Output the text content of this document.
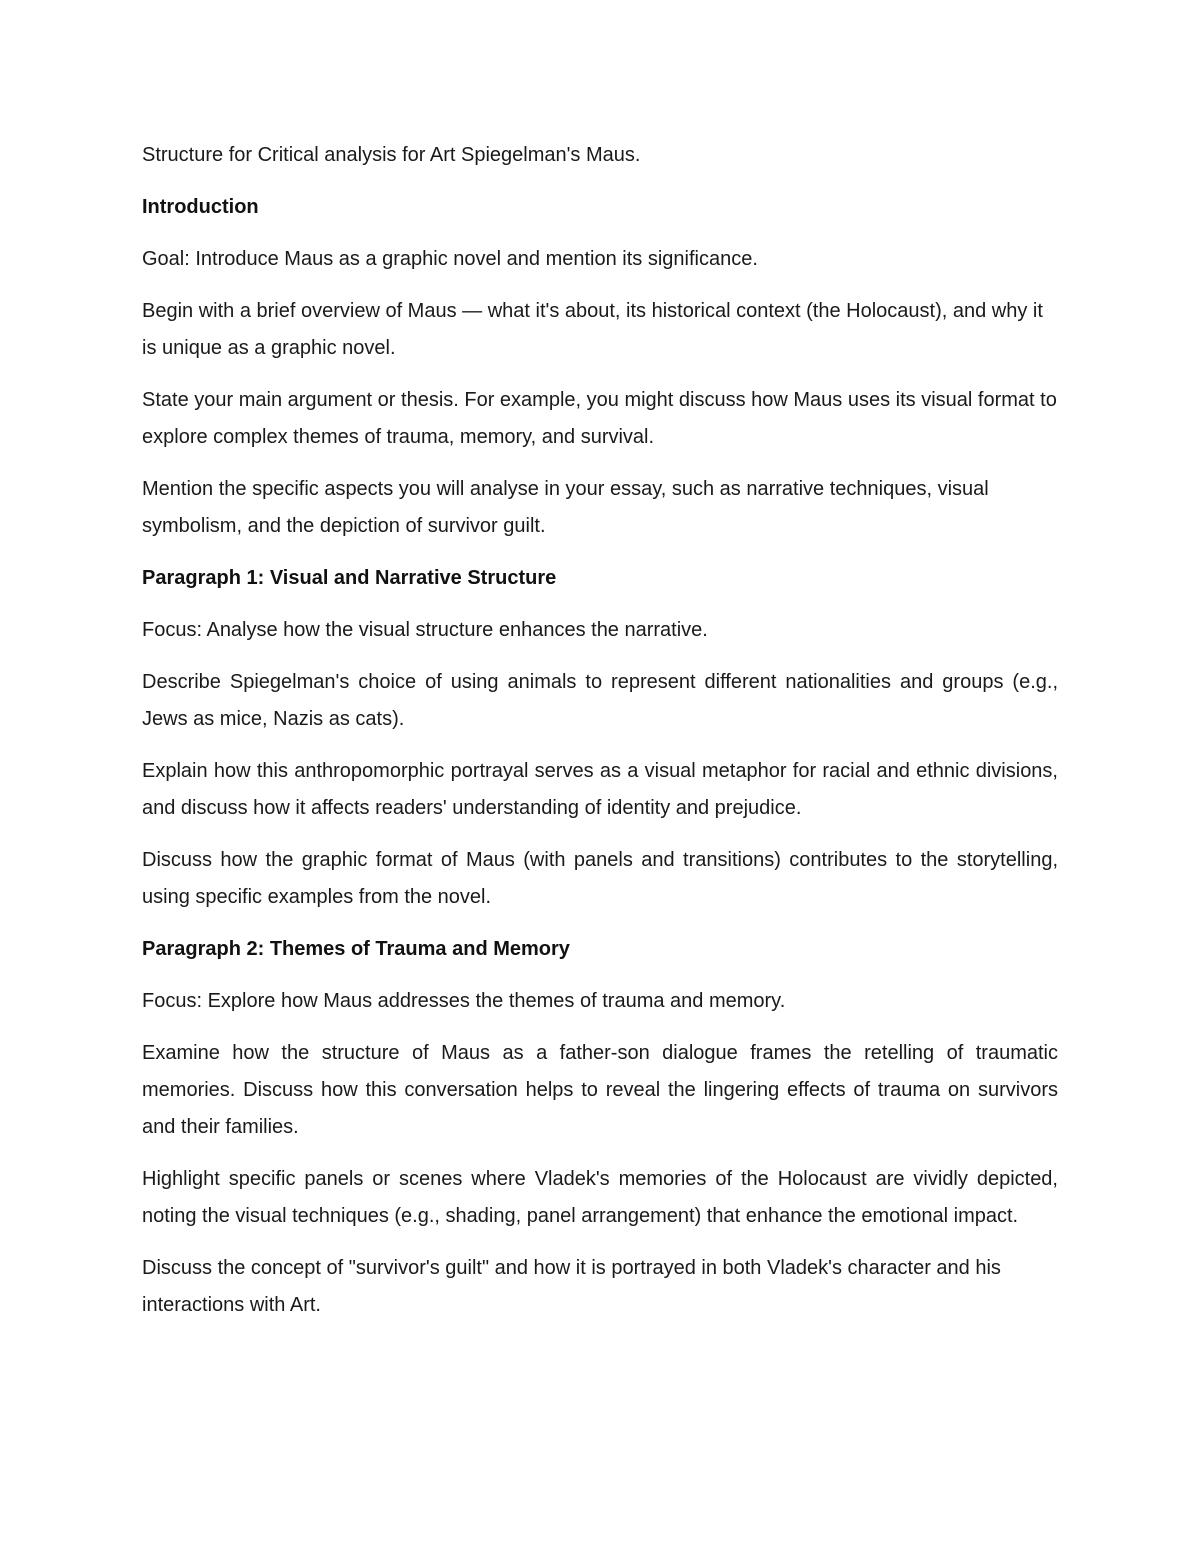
Structure for Critical analysis for Art Spiegelman's Maus.

Introduction

Goal: Introduce Maus as a graphic novel and mention its significance.

Begin with a brief overview of Maus — what it's about, its historical context (the Holocaust), and why it is unique as a graphic novel.

State your main argument or thesis. For example, you might discuss how Maus uses its visual format to explore complex themes of trauma, memory, and survival.

Mention the specific aspects you will analyse in your essay, such as narrative techniques, visual symbolism, and the depiction of survivor guilt.

Paragraph 1: Visual and Narrative Structure

Focus: Analyse how the visual structure enhances the narrative.

Describe Spiegelman's choice of using animals to represent different nationalities and groups (e.g., Jews as mice, Nazis as cats).

Explain how this anthropomorphic portrayal serves as a visual metaphor for racial and ethnic divisions, and discuss how it affects readers' understanding of identity and prejudice.

Discuss how the graphic format of Maus (with panels and transitions) contributes to the storytelling, using specific examples from the novel.

Paragraph 2: Themes of Trauma and Memory

Focus: Explore how Maus addresses the themes of trauma and memory.

Examine how the structure of Maus as a father-son dialogue frames the retelling of traumatic memories. Discuss how this conversation helps to reveal the lingering effects of trauma on survivors and their families.

Highlight specific panels or scenes where Vladek's memories of the Holocaust are vividly depicted, noting the visual techniques (e.g., shading, panel arrangement) that enhance the emotional impact.

Discuss the concept of "survivor's guilt" and how it is portrayed in both Vladek's character and his interactions with Art.
